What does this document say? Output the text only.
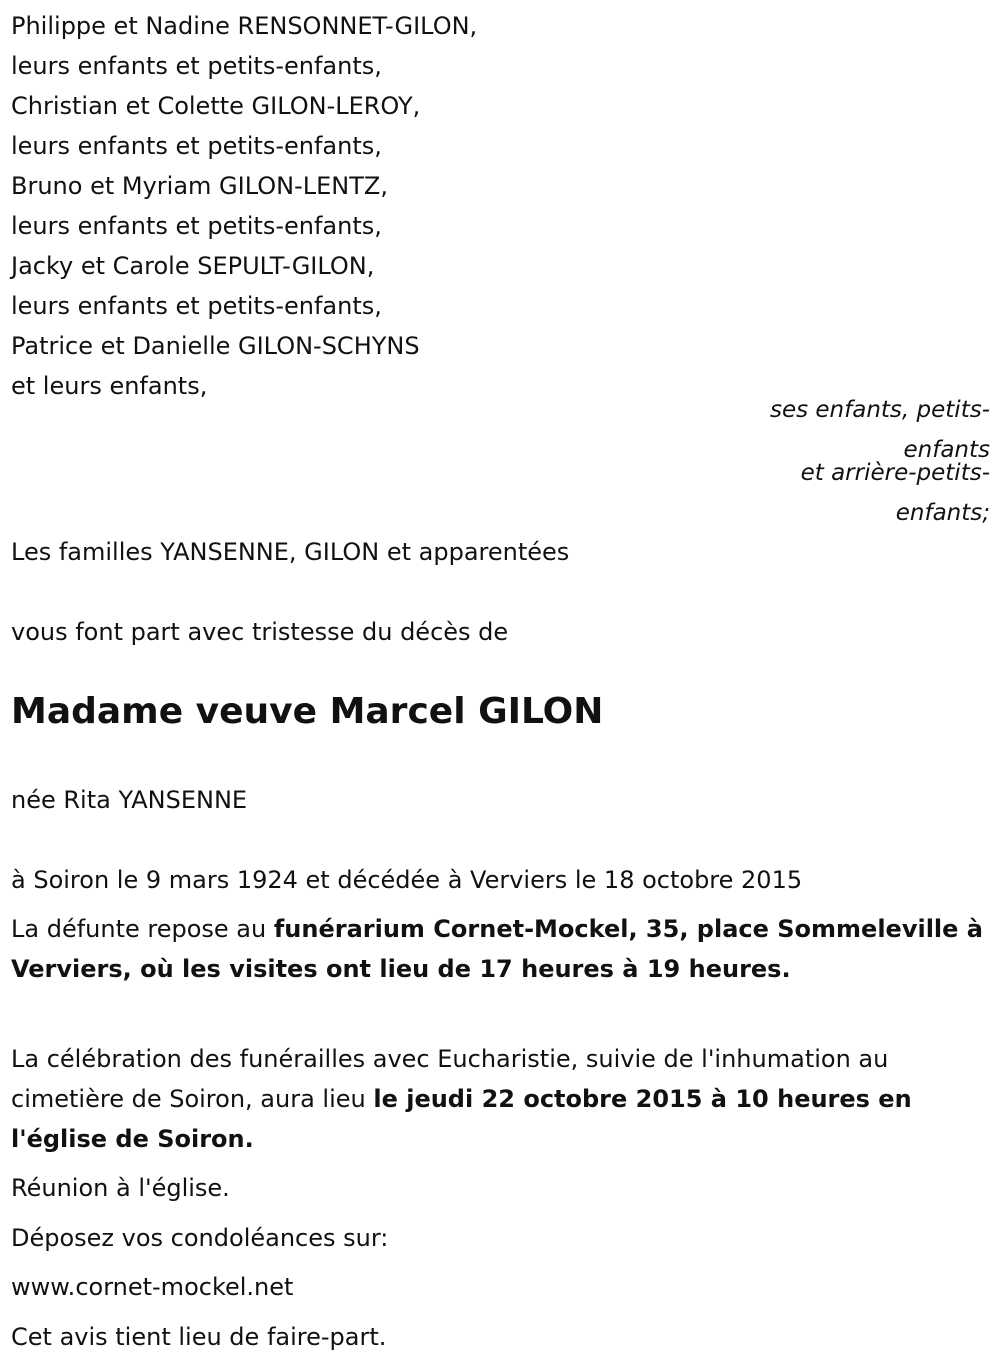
Philippe et Nadine RENSONNET-GILON,
leurs enfants et petits-enfants,
Christian et Colette GILON-LEROY,
leurs enfants et petits-enfants,
Bruno et Myriam GILON-LENTZ,
leurs enfants et petits-enfants,
Jacky et Carole SEPULT-GILON,
leurs enfants et petits-enfants,
Patrice et Danielle GILON-SCHYNS
et leurs enfants,
ses enfants, petits-
enfants
et arrière-petits-
enfants;
Les familles YANSENNE, GILON et apparentées
vous font part avec tristesse du décès de
Madame veuve Marcel GILON
née Rita YANSENNE
à Soiron le 9 mars 1924 et décédée à Verviers le 18 octobre 2015
La défunte repose au funérarium Cornet-Mockel, 35, place Sommeleville à Verviers, où les visites ont lieu de 17 heures à 19 heures.
La célébration des funérailles avec Eucharistie, suivie de l'inhumation au cimetière de Soiron, aura lieu le jeudi 22 octobre 2015 à 10 heures en l'église de Soiron.
Réunion à l'église.
Déposez vos condoléances sur:
www.cornet-mockel.net
Cet avis tient lieu de faire-part.
